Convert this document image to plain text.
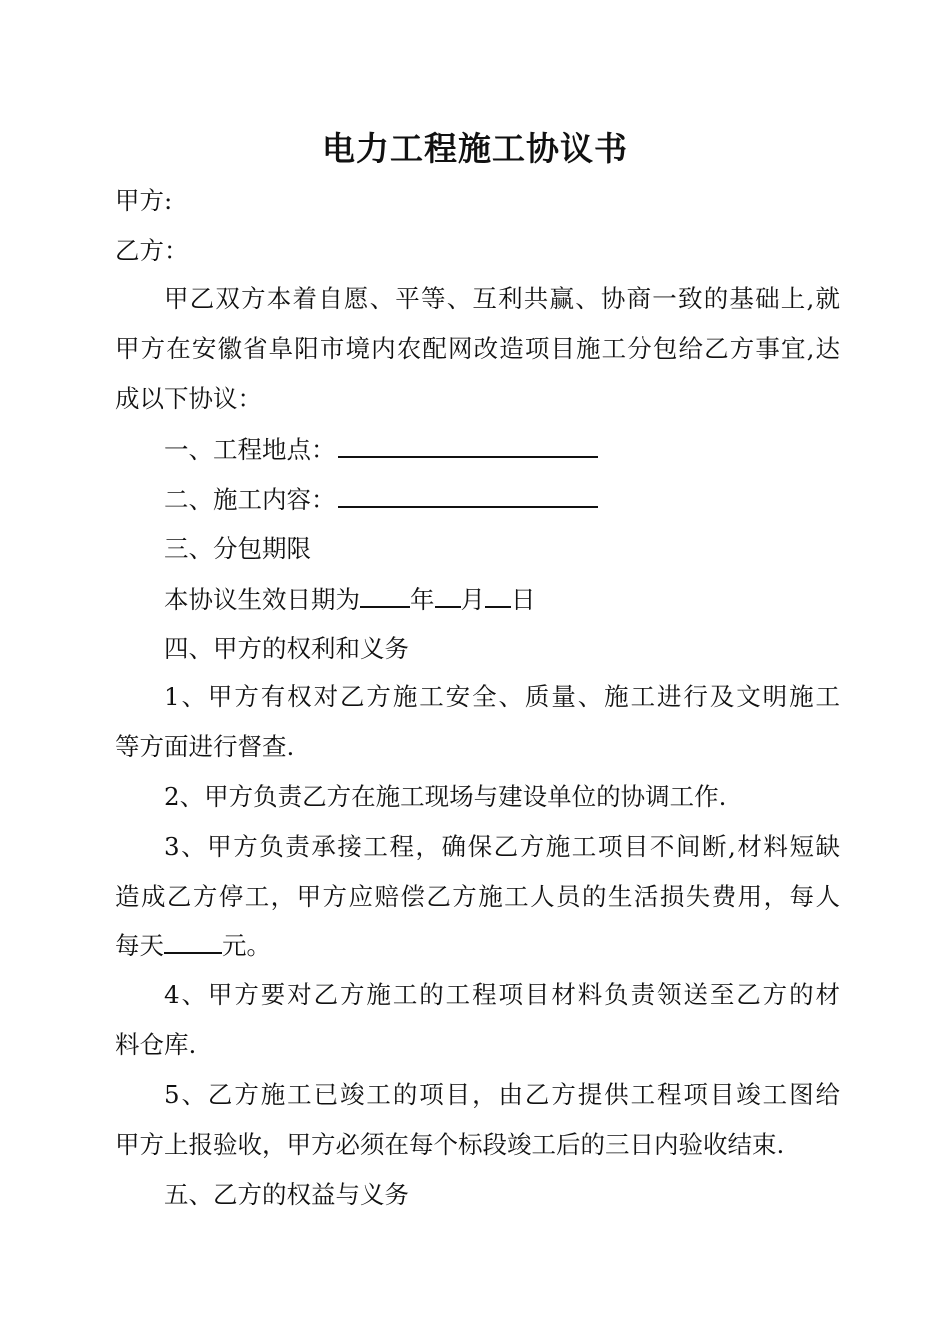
电力工程施工协议书

甲方:

乙方：

甲乙双方本着自愿、平等、互利共赢、协商一致的基础上,就

甲方在安徽省阜阳市境内农配网改造项目施工分包给乙方事宜,达

成以下协议：

一、工程地点：

二、施工内容：

三、分包期限

本协议生效日期为 年 月 日

四、甲方的权利和义务

1、甲方有权对乙方施工安全、质量、施工进行及文明施工

等方面进行督查.

2、甲方负责乙方在施工现场与建设单位的协调工作.

3、甲方负责承接工程，确保乙方施工项目不间断,材料短缺

造成乙方停工，甲方应赔偿乙方施工人员的生活损失费用，每人

每天 元。

4、甲方要对乙方施工的工程项目材料负责领送至乙方的材

料仓库.

5、乙方施工已竣工的项目，由乙方提供工程项目竣工图给

甲方上报验收，甲方必须在每个标段竣工后的三日内验收结束.

五、乙方的权益与义务
